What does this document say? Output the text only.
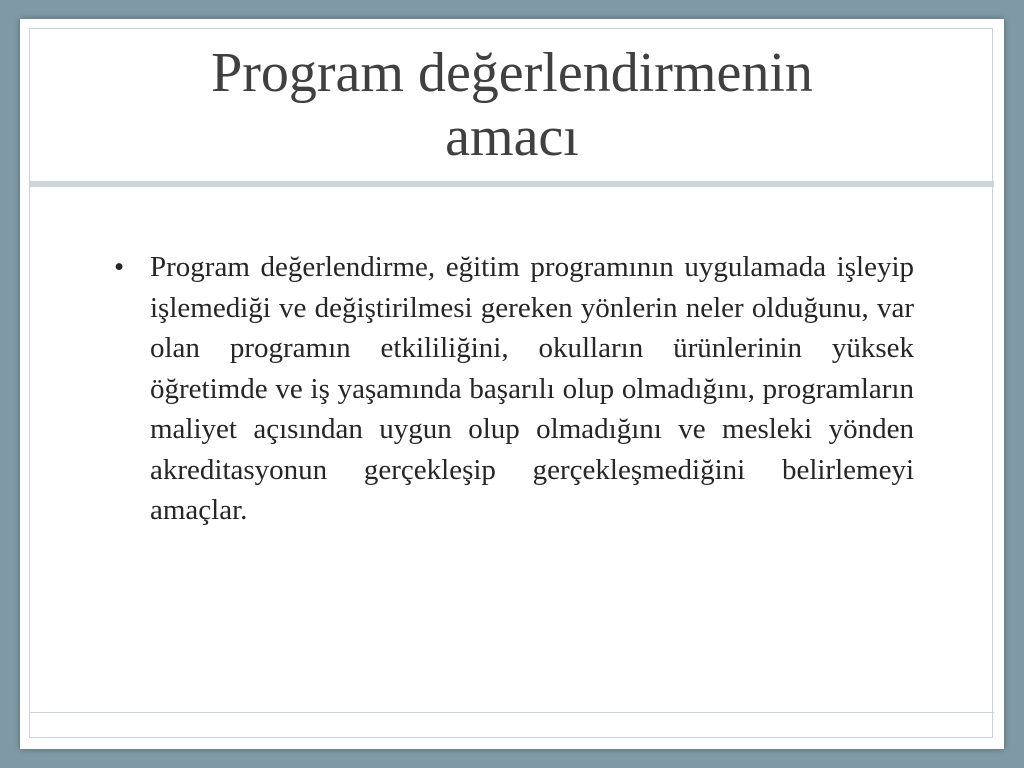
Program değerlendirmenin amacı
• Program değerlendirme, eğitim programının uygulamada işleyip işlemediği ve değiştirilmesi gereken yönlerin neler olduğunu, var olan programın etkililiğini, okulların ürünlerinin yüksek öğretimde ve iş yaşamında başarılı olup olmadığını, programların maliyet açısından uygun olup olmadığını ve mesleki yönden akreditasyonun gerçekleşip gerçekleşmediğini belirlemeyi amaçlar.
